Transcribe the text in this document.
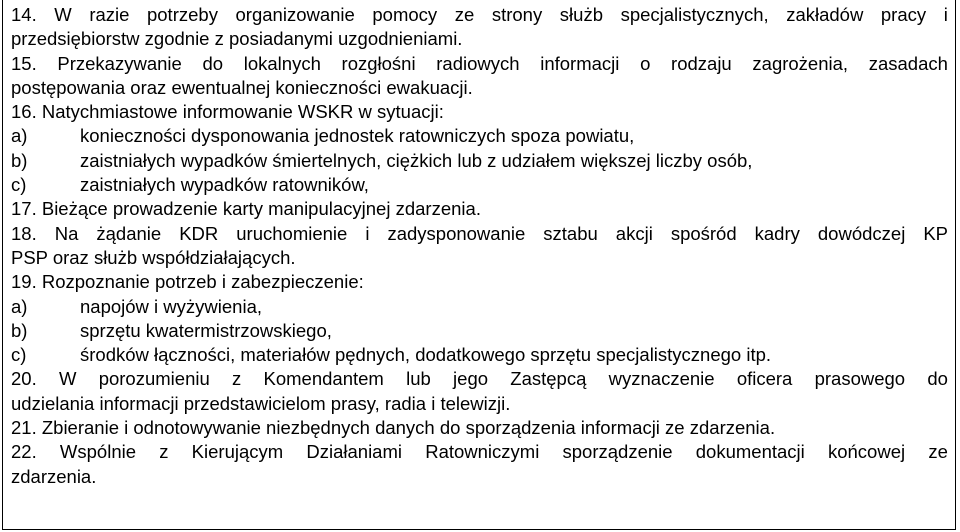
14. W razie potrzeby organizowanie pomocy ze strony służb specjalistycznych, zakładów pracy i
przedsiębiorstw zgodnie z posiadanymi uzgodnieniami.
15. Przekazywanie do lokalnych rozgłośni radiowych informacji o rodzaju zagrożenia, zasadach
postępowania oraz ewentualnej konieczności ewakuacji.
16. Natychmiastowe informowanie WSKR w sytuacji:
a)	konieczności dysponowania jednostek ratowniczych spoza powiatu,
b)	zaistniałych wypadków śmiertelnych, ciężkich lub z udziałem większej liczby osób,
c)	zaistniałych wypadków ratowników,
17. Bieżące prowadzenie karty manipulacyjnej zdarzenia.
18. Na żądanie KDR uruchomienie i zadysponowanie sztabu akcji spośród kadry dowódczej KP
PSP oraz służb współdziałających.
19. Rozpoznanie potrzeb i zabezpieczenie:
a)	napojów i wyżywienia,
b)	sprzętu kwatermistrzowskiego,
c)	środków łączności, materiałów pędnych, dodatkowego sprzętu specjalistycznego itp.
20. W porozumieniu z Komendantem lub jego Zastępcą wyznaczenie oficera prasowego do
udzielania informacji przedstawicielom prasy, radia i telewizji.
21. Zbieranie i odnotowywanie niezbędnych danych do sporządzenia informacji ze zdarzenia.
22. Wspólnie z Kierującym Działaniami Ratowniczymi sporządzenie dokumentacji końcowej ze
zdarzenia.
